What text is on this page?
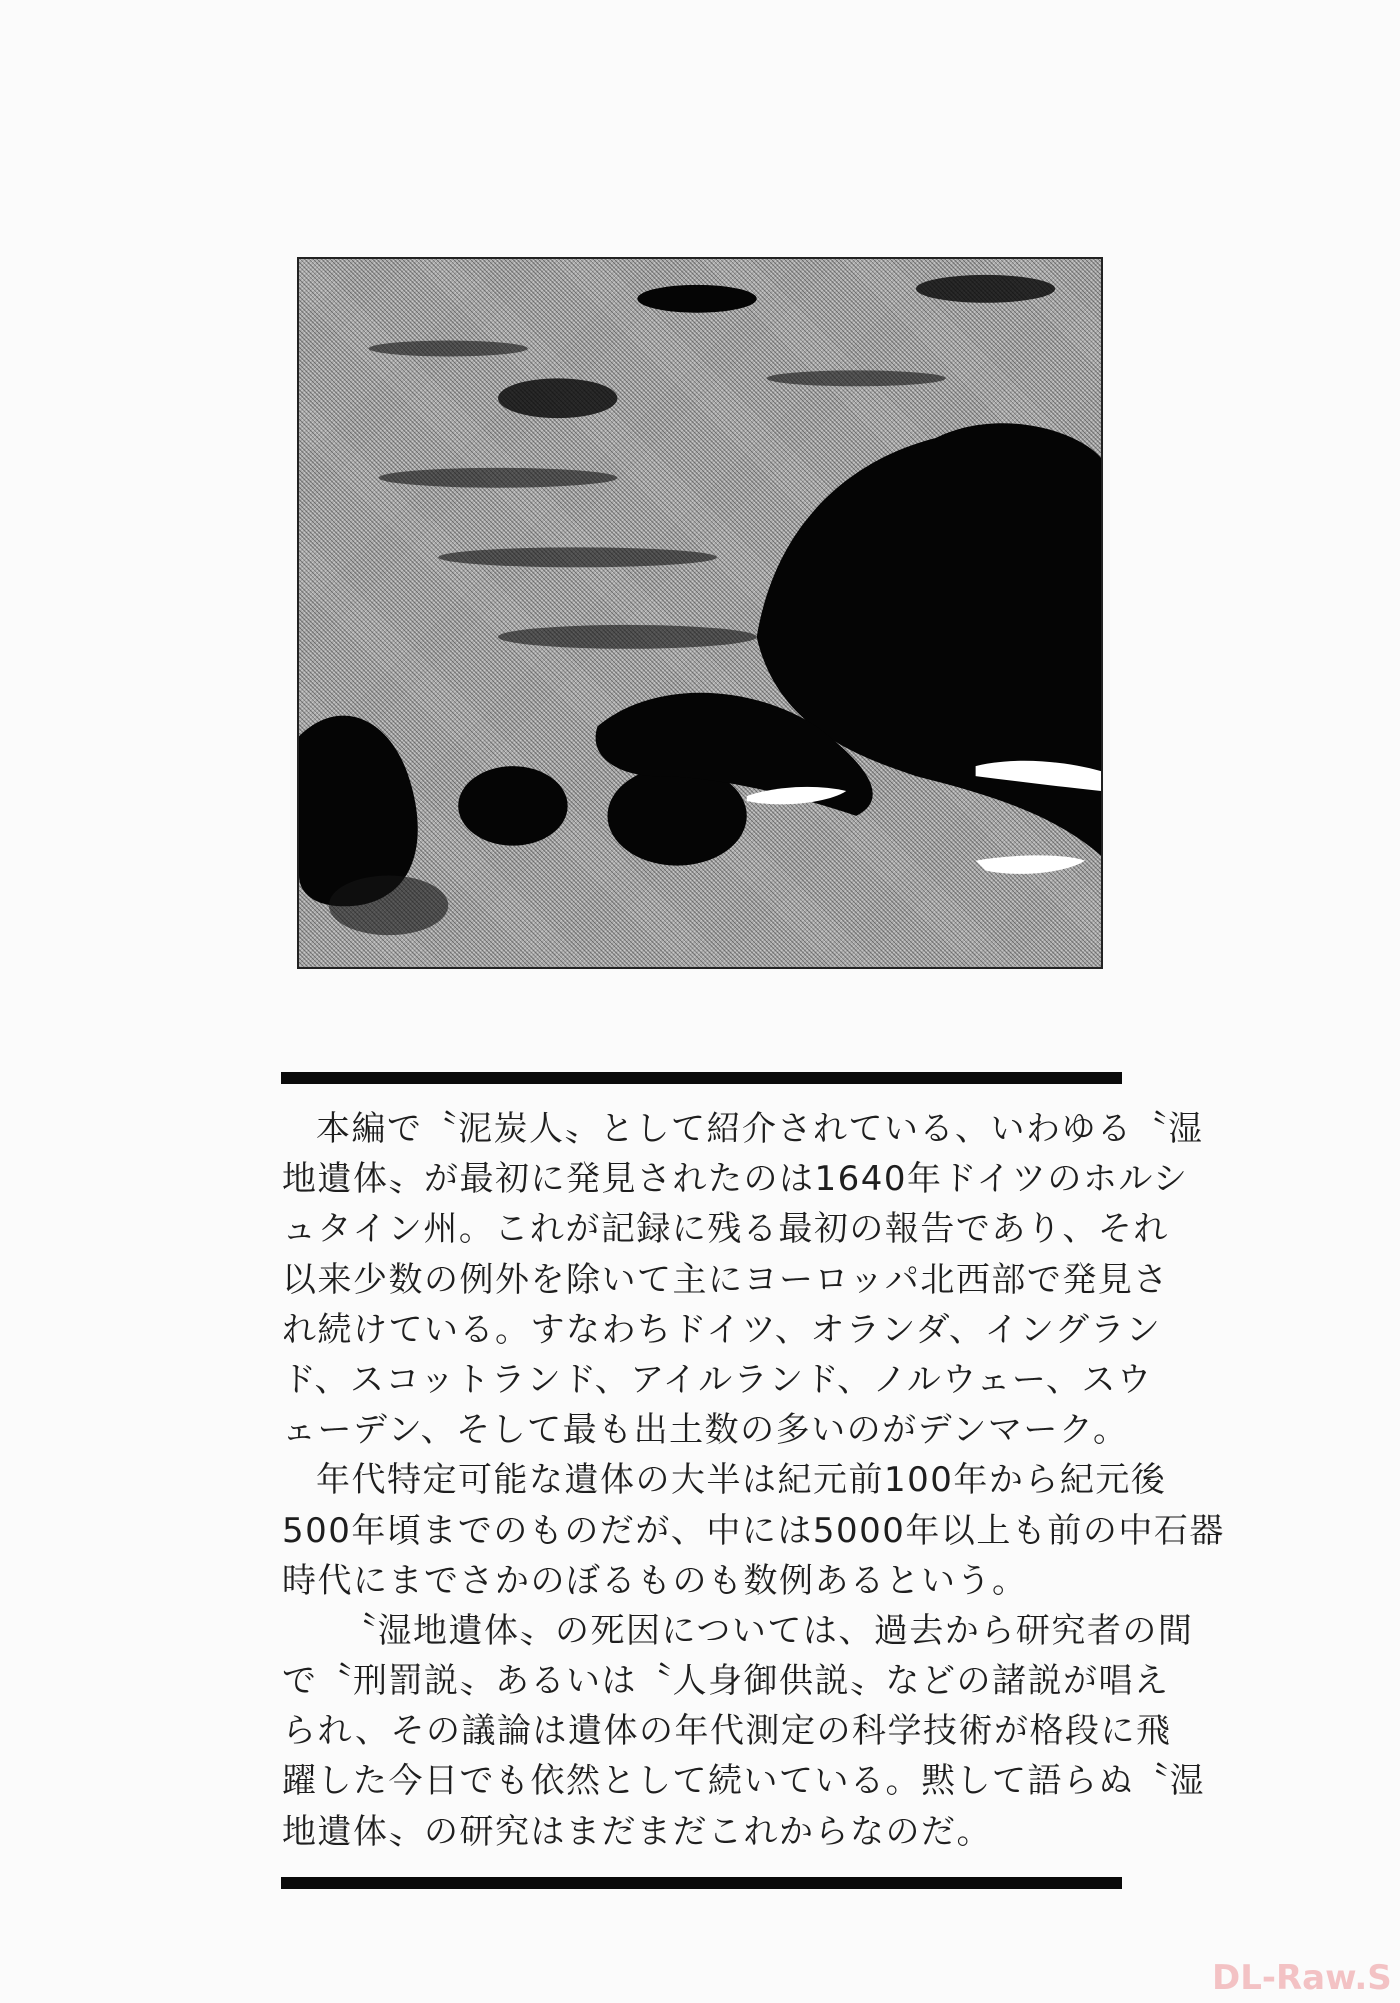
本編で〝泥炭人〟として紹介されている、いわゆる〝湿
地遺体〟が最初に発見されたのは1640年ドイツのホルシ
ュタイン州。これが記録に残る最初の報告であり、それ
以来少数の例外を除いて主にヨーロッパ北西部で発見さ
れ続けている。すなわちドイツ、オランダ、イングラン
ド、スコットランド、アイルランド、ノルウェー、スウ
ェーデン、そして最も出土数の多いのがデンマーク。
年代特定可能な遺体の大半は紀元前100年から紀元後
500年頃までのものだが、中には5000年以上も前の中石器
時代にまでさかのぼるものも数例あるという。
〝湿地遺体〟の死因については、過去から研究者の間
で〝刑罰説〟あるいは〝人身御供説〟などの諸説が唱え
られ、その議論は遺体の年代測定の科学技術が格段に飛
躍した今日でも依然として続いている。黙して語らぬ〝湿
地遺体〟の研究はまだまだこれからなのだ。
DL-Raw.S
